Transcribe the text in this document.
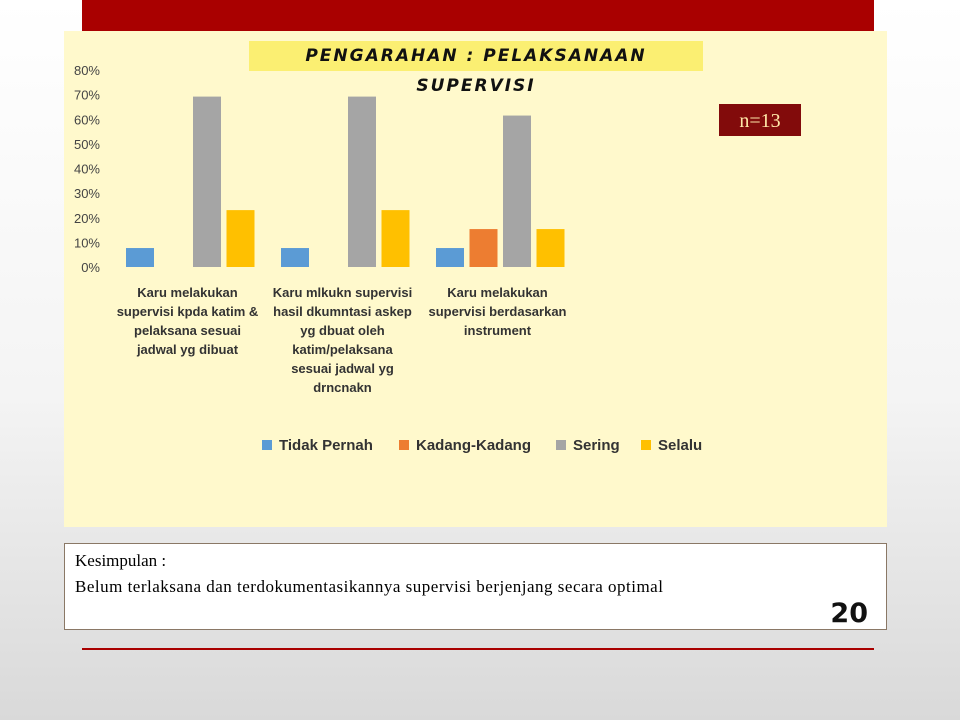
PENGARAHAN : PELAKSANAAN SUPERVISI
n=13
0%
10%
20%
30%
40%
50%
60%
70%
80%
Karu melakukan
supervisi kpda katim &
pelaksana sesuai
jadwal yg dibuat
Karu mlkukn supervisi
hasil dkumntasi askep
yg dbuat oleh
katim/pelaksana
sesuai jadwal yg
drncnakn
Karu melakukan
supervisi berdasarkan
instrument
Tidak Pernah	Kadang-Kadang	Sering	Selalu
Kesimpulan :
Belum terlaksana dan terdokumentasikannya supervisi berjenjang secara optimal
20
